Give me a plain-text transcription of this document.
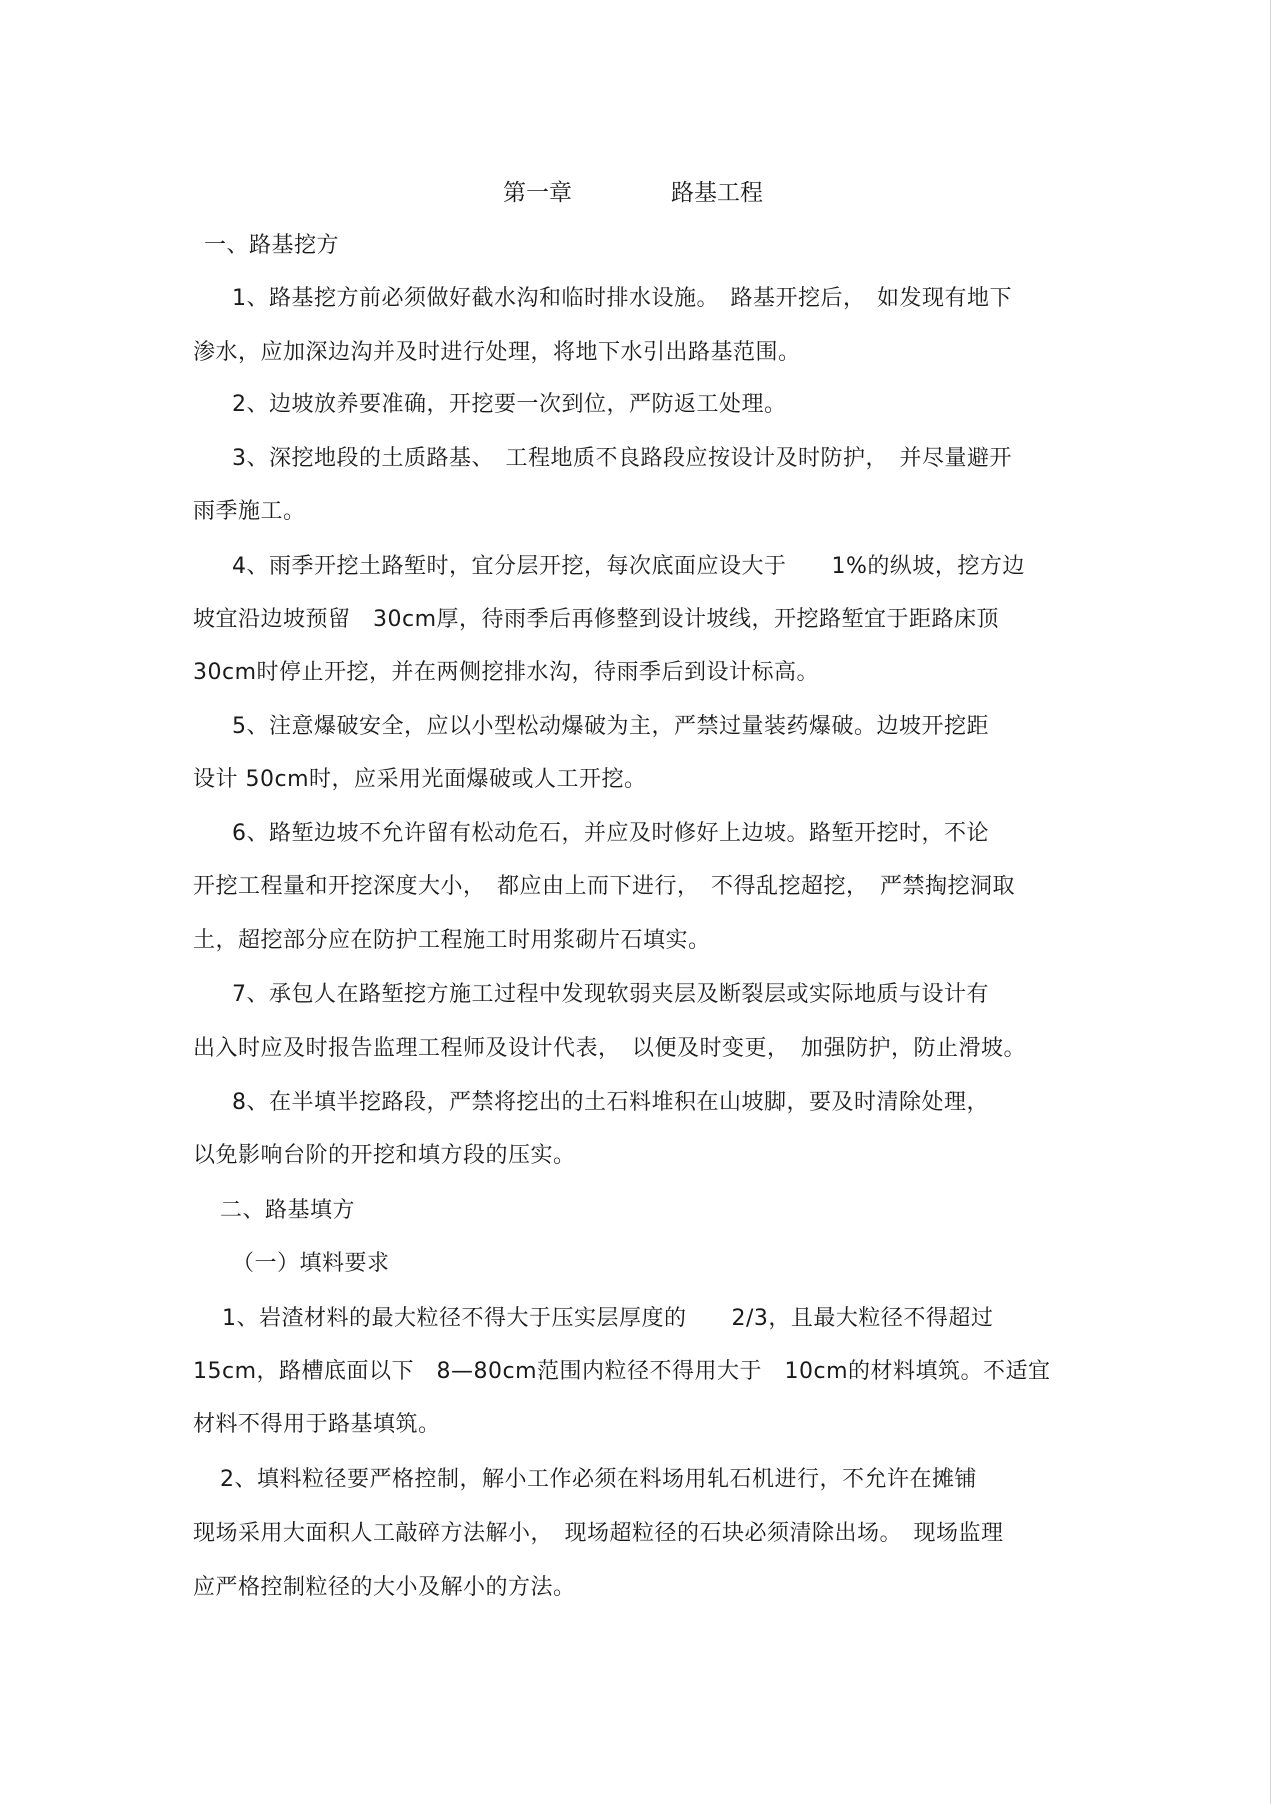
第一章	路基工程
一、路基挖方
1、路基挖方前必须做好截水沟和临时排水设施。　路基开挖后，　如发现有地下
渗水，应加深边沟并及时进行处理，将地下水引出路基范围。
2、边坡放养要准确，开挖要一次到位，严防返工处理。
3、深挖地段的土质路基、　工程地质不良路段应按设计及时防护，　并尽量避开
雨季施工。
4、雨季开挖土路堑时，宜分层开挖，每次底面应设大于　　1%的纵坡，挖方边
坡宜沿边坡预留　30cm厚，待雨季后再修整到设计坡线，开挖路堑宜于距路床顶
30cm时停止开挖，并在两侧挖排水沟，待雨季后到设计标高。
5、注意爆破安全，应以小型松动爆破为主，严禁过量装药爆破。边坡开挖距
设计 50cm时，应采用光面爆破或人工开挖。
6、路堑边坡不允许留有松动危石，并应及时修好上边坡。路堑开挖时，不论
开挖工程量和开挖深度大小，　都应由上而下进行，　不得乱挖超挖，　严禁掏挖洞取
土，超挖部分应在防护工程施工时用浆砌片石填实。
7、承包人在路堑挖方施工过程中发现软弱夹层及断裂层或实际地质与设计有
出入时应及时报告监理工程师及设计代表，　以便及时变更，　加强防护，防止滑坡。
8、在半填半挖路段，严禁将挖出的土石料堆积在山坡脚，要及时清除处理，
以免影响台阶的开挖和填方段的压实。
二、路基填方
（一）填料要求
1、岩渣材料的最大粒径不得大于压实层厚度的　　2/3，且最大粒径不得超过
15cm，路槽底面以下　8—80cm范围内粒径不得用大于　10cm的材料填筑。不适宜
材料不得用于路基填筑。
2、填料粒径要严格控制，解小工作必须在料场用轧石机进行，不允许在摊铺
现场采用大面积人工敲碎方法解小，　现场超粒径的石块必须清除出场。　现场监理
应严格控制粒径的大小及解小的方法。
